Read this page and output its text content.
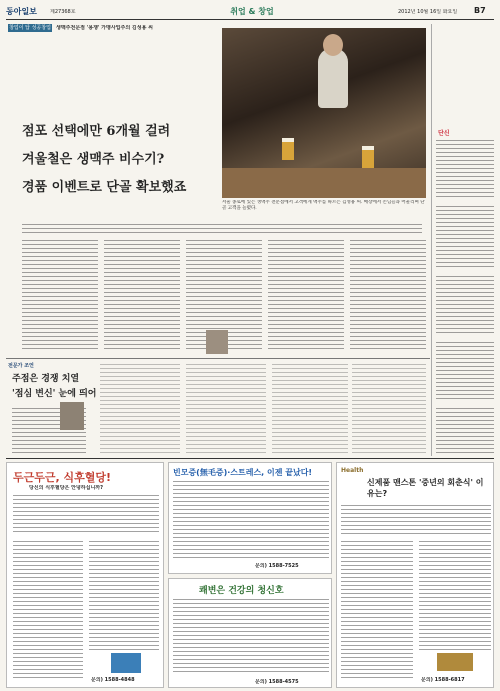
동아일보	제27368호	취업 & 창업	2012년 10월 16일 화요일	B7
창업이 답 성공창업 생맥주전문점 '용쟁' 가맹사업주의 김성용 씨
점포 선택에만 6개월 걸려
겨울철은 생맥주 비수기?
경품 이벤트로 단골 확보했죠
서울 종로에 있는 생맥주 전문점에서 고객에게 맥주를 따르는 김성용 씨. 매장에서 손님들과 어울리며 단골 고객을 늘렸다.
단신
전문가 조언
주점은 경쟁 치열
'점심 변신' 눈에 띄어
두근두근, 식후혈당!
당신의 식후혈당은 안녕하십니까?
문의) 1588-4848
빈모증(無毛증)·스트레스, 이젠 끝났다!
문의) 1588-7525
쾌변은 건강의 청신호
문의) 1588-4575
Health
신제품 맨스톤 '중년의 회춘식' 이유는?
문의) 1588-6817
